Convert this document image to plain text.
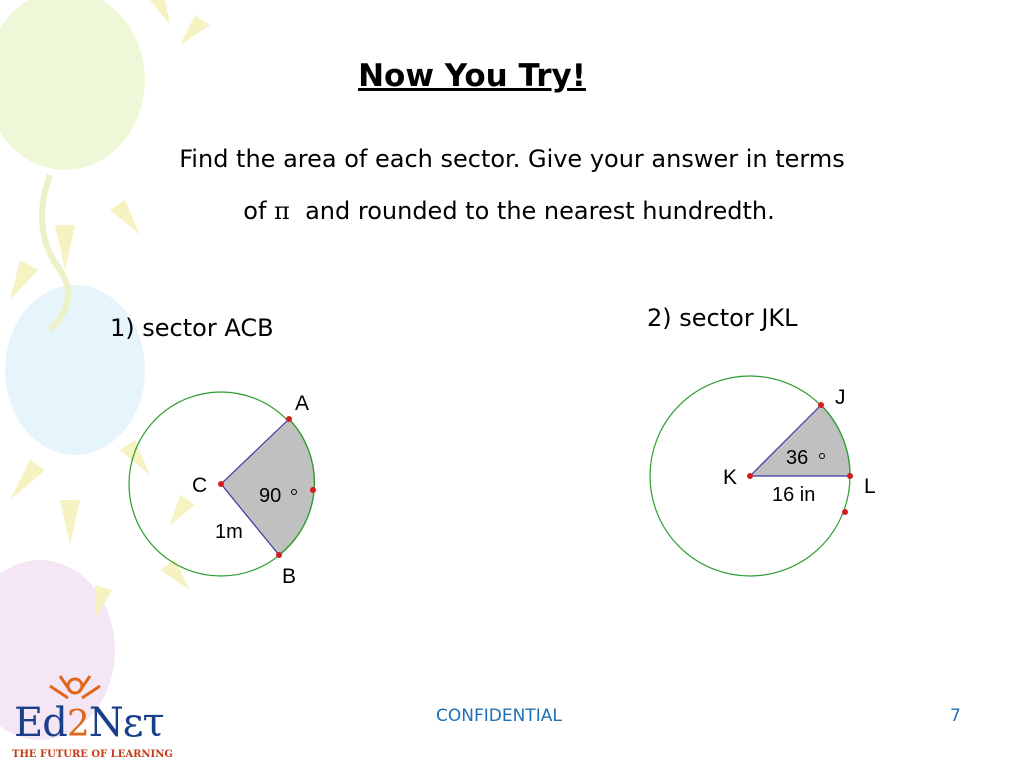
Now You Try!
Find the area of each sector. Give your answer in terms
of π and rounded to the nearest hundredth.
1) sector ACB	2) sector JKL
A
C
B
90
1m
J
K	L
36
16 in
Ed2Nετ
THE FUTURE OF LEARNING
CONFIDENTIAL	7
